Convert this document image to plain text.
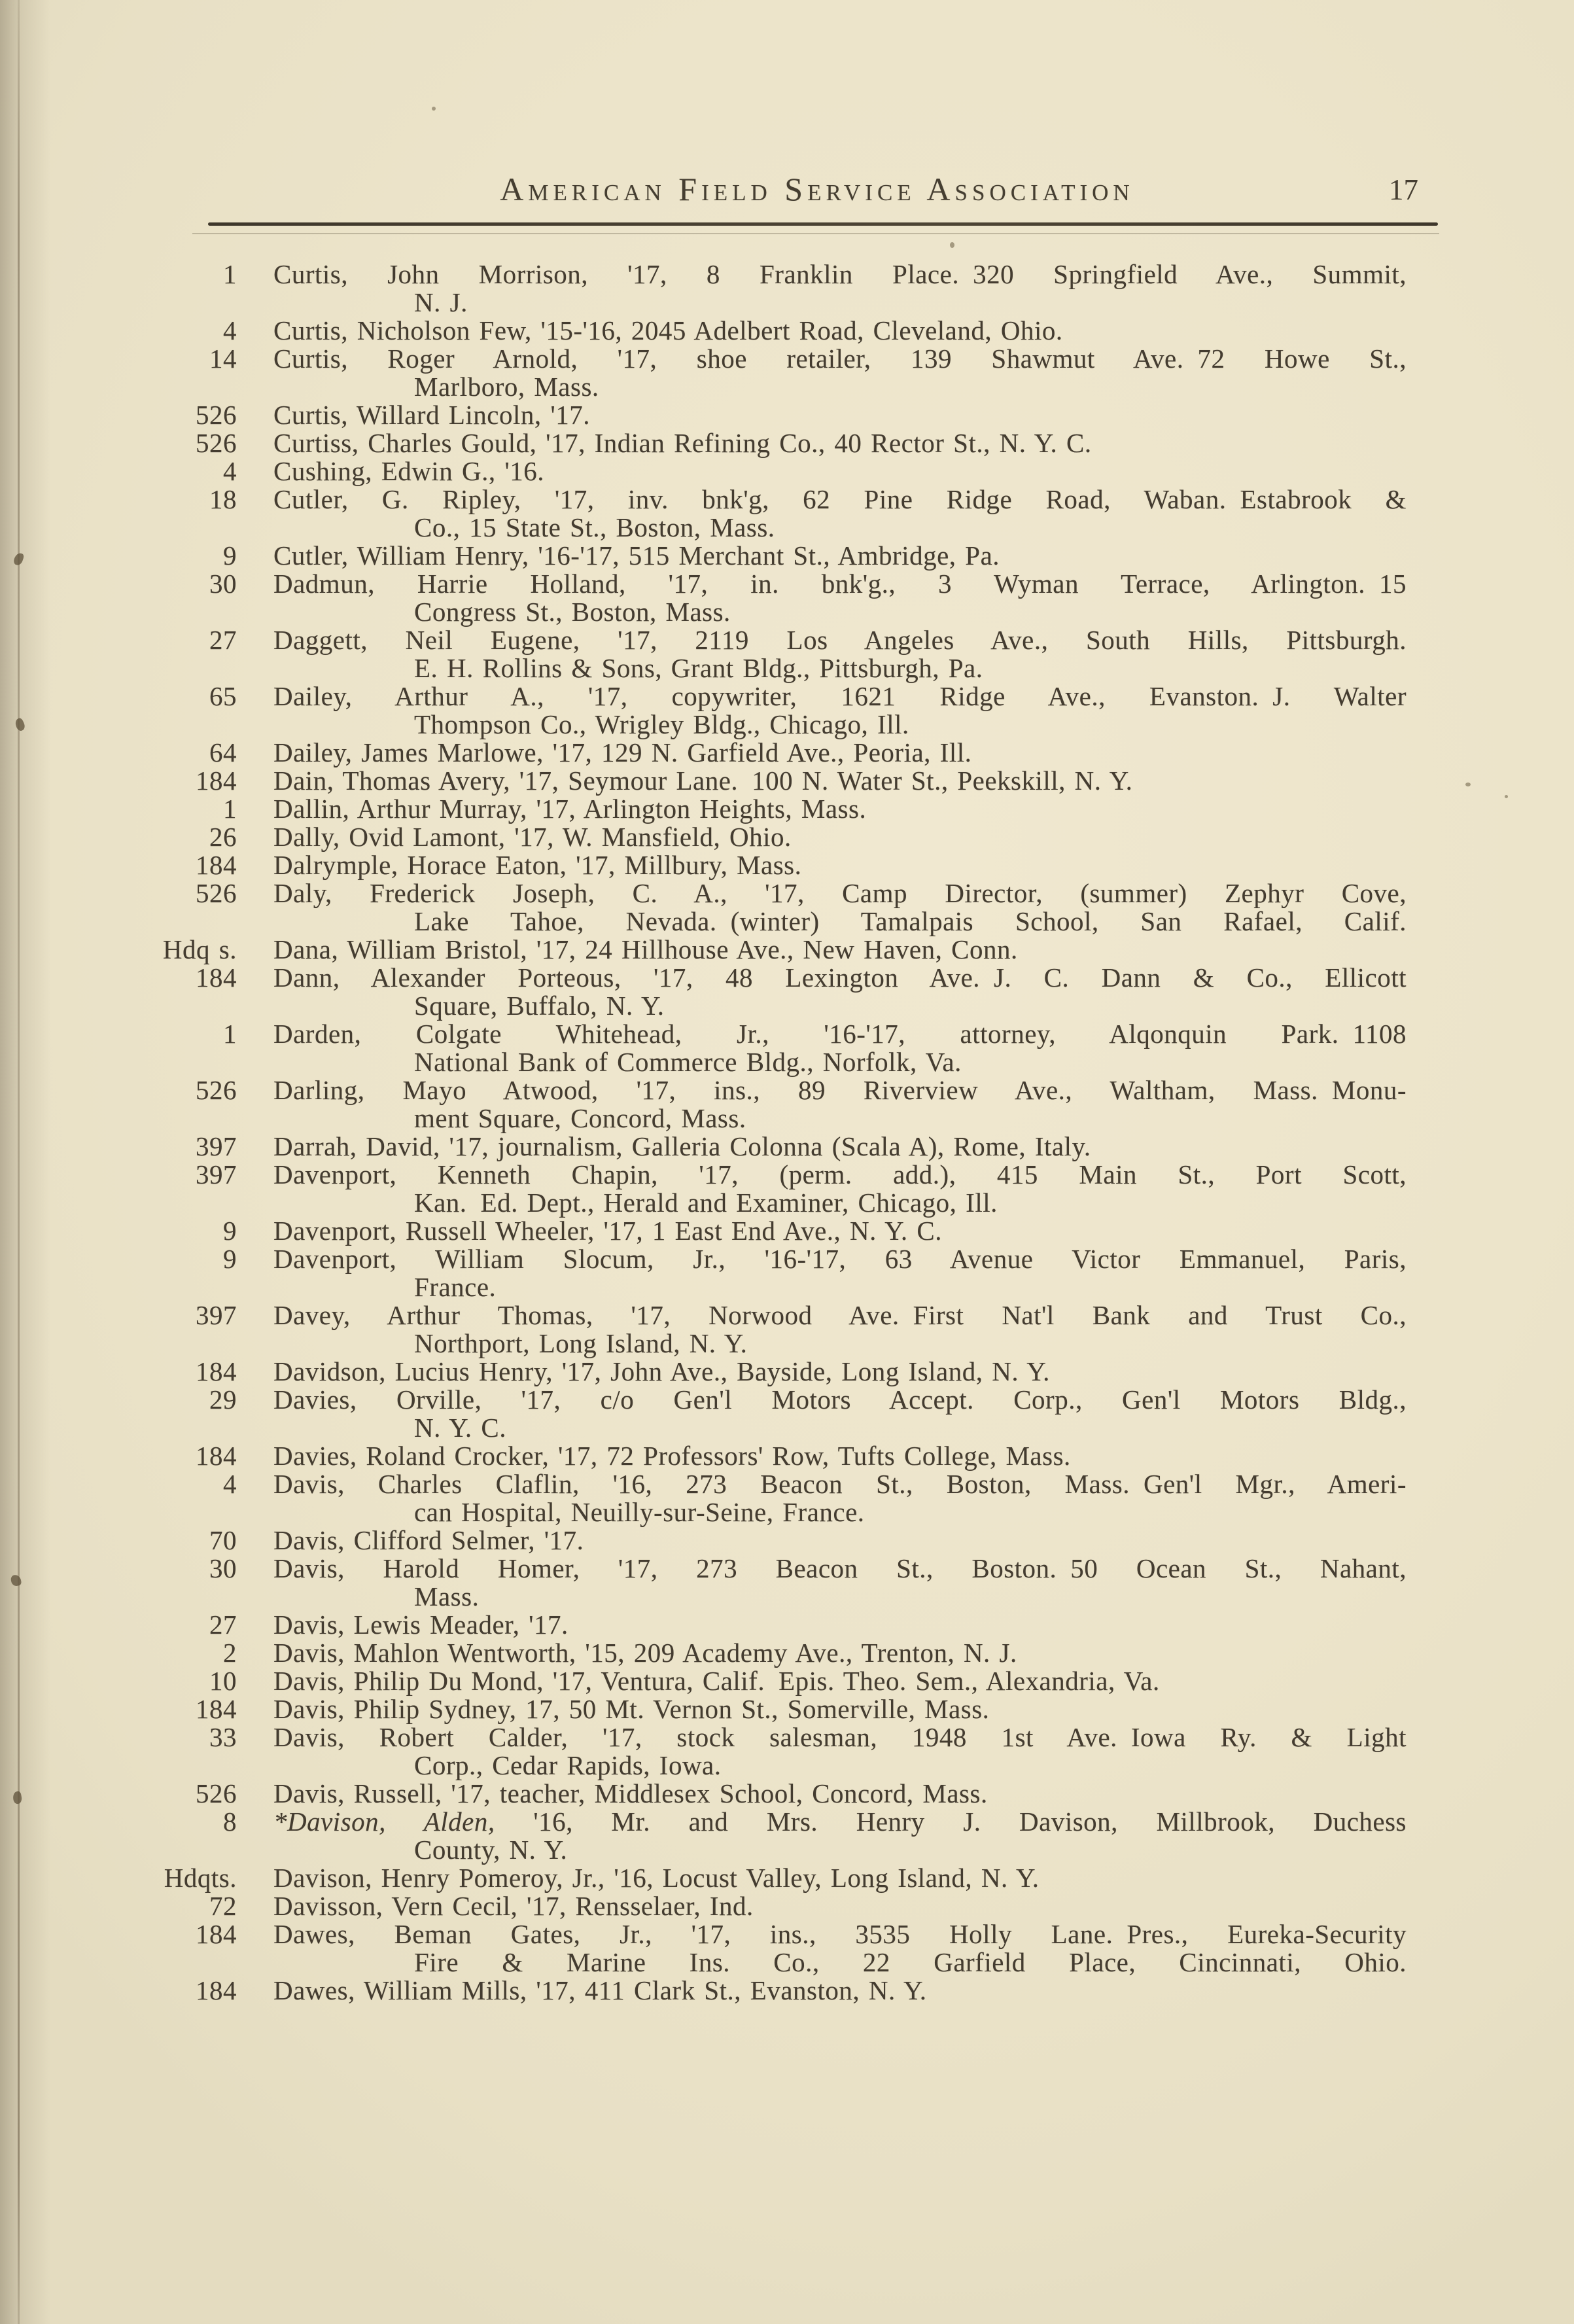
American Field Service Association	17
1 Curtis, John Morrison, '17, 8 Franklin Place. 320 Springfield Ave., Summit,
N. J.
4 Curtis, Nicholson Few, '15-'16, 2045 Adelbert Road, Cleveland, Ohio.
14 Curtis, Roger Arnold, '17, shoe retailer, 139 Shawmut Ave. 72 Howe St.,
Marlboro, Mass.
526 Curtis, Willard Lincoln, '17.
526 Curtiss, Charles Gould, '17, Indian Refining Co., 40 Rector St., N. Y. C.
4 Cushing, Edwin G., '16.
18 Cutler, G. Ripley, '17, inv. bnk'g, 62 Pine Ridge Road, Waban. Estabrook &
Co., 15 State St., Boston, Mass.
9 Cutler, William Henry, '16-'17, 515 Merchant St., Ambridge, Pa.
30 Dadmun, Harrie Holland, '17, in. bnk'g., 3 Wyman Terrace, Arlington. 15
Congress St., Boston, Mass.
27 Daggett, Neil Eugene, '17, 2119 Los Angeles Ave., South Hills, Pittsburgh.
E. H. Rollins & Sons, Grant Bldg., Pittsburgh, Pa.
65 Dailey, Arthur A., '17, copywriter, 1621 Ridge Ave., Evanston. J. Walter
Thompson Co., Wrigley Bldg., Chicago, Ill.
64 Dailey, James Marlowe, '17, 129 N. Garfield Ave., Peoria, Ill.
184 Dain, Thomas Avery, '17, Seymour Lane. 100 N. Water St., Peekskill, N. Y.
1 Dallin, Arthur Murray, '17, Arlington Heights, Mass.
26 Dally, Ovid Lamont, '17, W. Mansfield, Ohio.
184 Dalrymple, Horace Eaton, '17, Millbury, Mass.
526 Daly, Frederick Joseph, C. A., '17, Camp Director, (summer) Zephyr Cove,
Lake Tahoe, Nevada. (winter) Tamalpais School, San Rafael, Calif.
Hdq s. Dana, William Bristol, '17, 24 Hillhouse Ave., New Haven, Conn.
184 Dann, Alexander Porteous, '17, 48 Lexington Ave. J. C. Dann & Co., Ellicott
Square, Buffalo, N. Y.
1 Darden, Colgate Whitehead, Jr., '16-'17, attorney, Alqonquin Park. 1108
National Bank of Commerce Bldg., Norfolk, Va.
526 Darling, Mayo Atwood, '17, ins., 89 Riverview Ave., Waltham, Mass. Monu-
ment Square, Concord, Mass.
397 Darrah, David, '17, journalism, Galleria Colonna (Scala A), Rome, Italy.
397 Davenport, Kenneth Chapin, '17, (perm. add.), 415 Main St., Port Scott,
Kan. Ed. Dept., Herald and Examiner, Chicago, Ill.
9 Davenport, Russell Wheeler, '17, 1 East End Ave., N. Y. C.
9 Davenport, William Slocum, Jr., '16-'17, 63 Avenue Victor Emmanuel, Paris,
France.
397 Davey, Arthur Thomas, '17, Norwood Ave. First Nat'l Bank and Trust Co.,
Northport, Long Island, N. Y.
184 Davidson, Lucius Henry, '17, John Ave., Bayside, Long Island, N. Y.
29 Davies, Orville, '17, c/o Gen'l Motors Accept. Corp., Gen'l Motors Bldg.,
N. Y. C.
184 Davies, Roland Crocker, '17, 72 Professors' Row, Tufts College, Mass.
4 Davis, Charles Claflin, '16, 273 Beacon St., Boston, Mass. Gen'l Mgr., Ameri-
can Hospital, Neuilly-sur-Seine, France.
70 Davis, Clifford Selmer, '17.
30 Davis, Harold Homer, '17, 273 Beacon St., Boston. 50 Ocean St., Nahant,
Mass.
27 Davis, Lewis Meader, '17.
2 Davis, Mahlon Wentworth, '15, 209 Academy Ave., Trenton, N. J.
10 Davis, Philip Du Mond, '17, Ventura, Calif. Epis. Theo. Sem., Alexandria, Va.
184 Davis, Philip Sydney, 17, 50 Mt. Vernon St., Somerville, Mass.
33 Davis, Robert Calder, '17, stock salesman, 1948 1st Ave. Iowa Ry. & Light
Corp., Cedar Rapids, Iowa.
526 Davis, Russell, '17, teacher, Middlesex School, Concord, Mass.
8 *Davison, Alden, '16, Mr. and Mrs. Henry J. Davison, Millbrook, Duchess
County, N. Y.
Hdqts. Davison, Henry Pomeroy, Jr., '16, Locust Valley, Long Island, N. Y.
72 Davisson, Vern Cecil, '17, Rensselaer, Ind.
184 Dawes, Beman Gates, Jr., '17, ins., 3535 Holly Lane. Pres., Eureka-Security
Fire & Marine Ins. Co., 22 Garfield Place, Cincinnati, Ohio.
184 Dawes, William Mills, '17, 411 Clark St., Evanston, N. Y.
